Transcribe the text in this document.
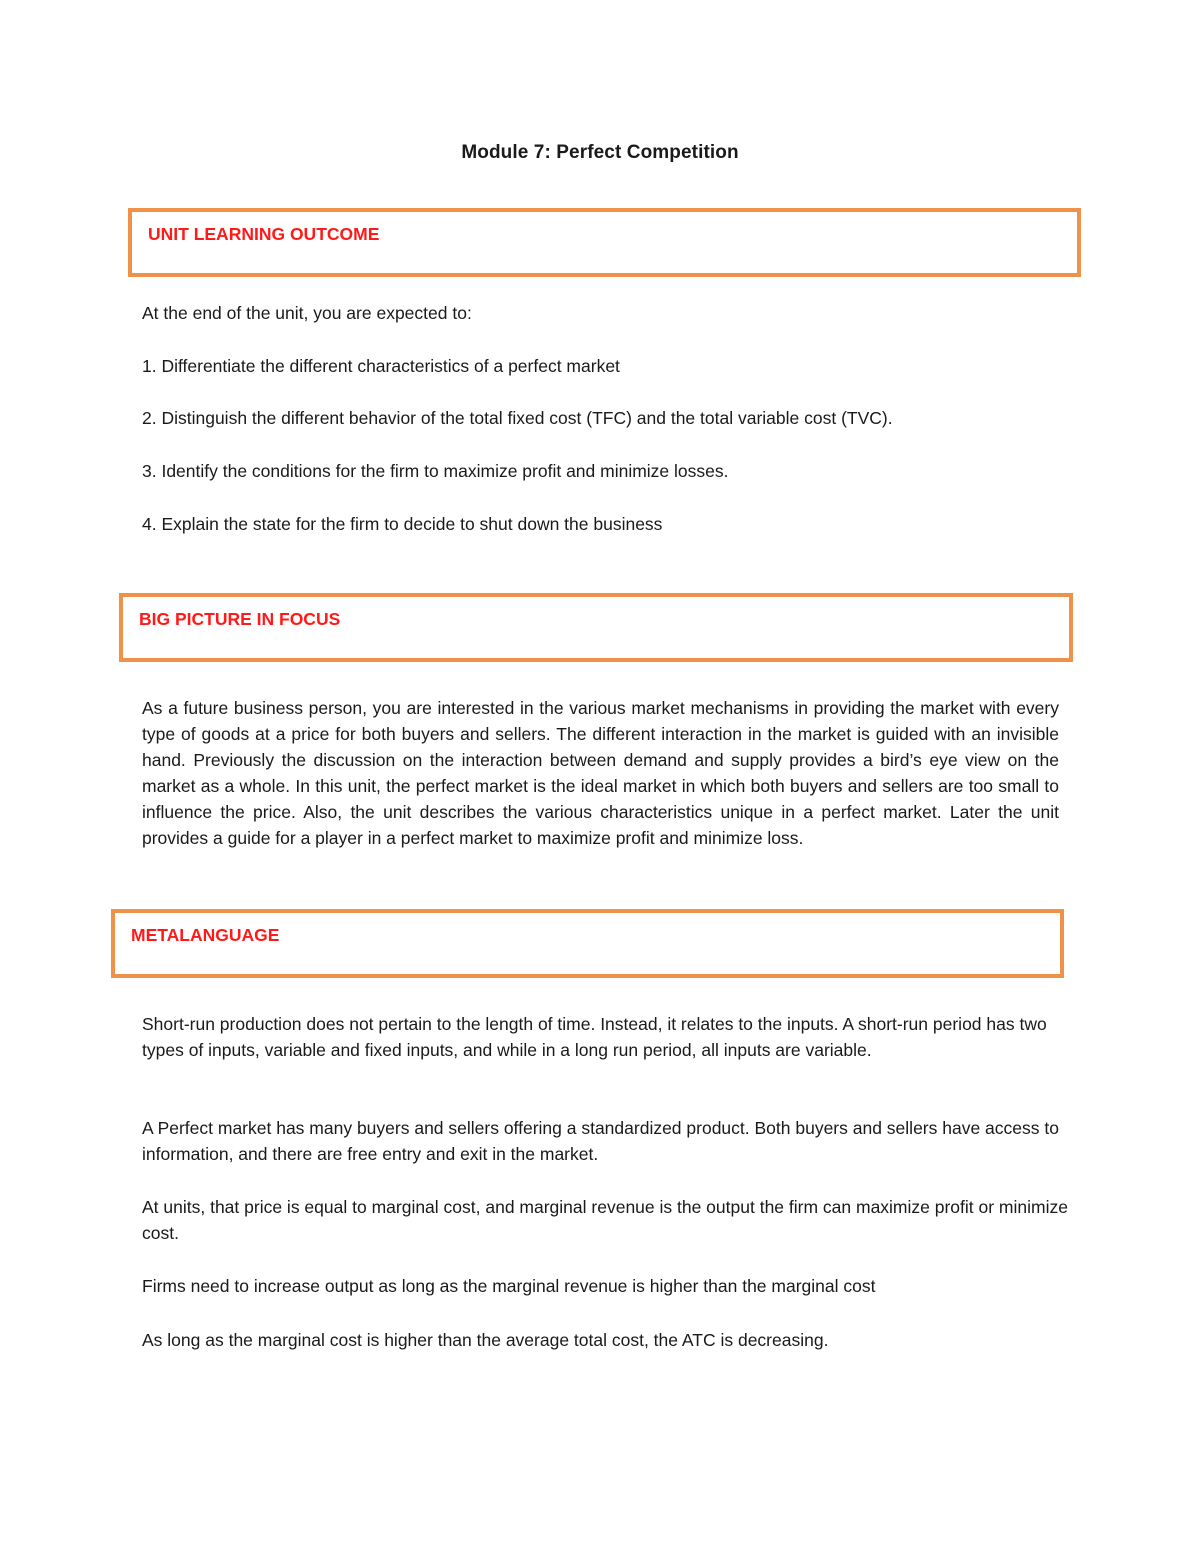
Module 7: Perfect Competition
UNIT LEARNING OUTCOME

At the end of the unit, you are expected to:

1. Differentiate the different characteristics of a perfect market

2. Distinguish the different behavior of the total fixed cost (TFC) and the total variable cost (TVC).

3. Identify the conditions for the firm to maximize profit and minimize losses.

4. Explain the state for the firm to decide to shut down the business

BIG PICTURE IN FOCUS

As a future business person, you are interested in the various market mechanisms in providing the market with every type of goods at a price for both buyers and sellers. The different interaction in the market is guided with an invisible hand. Previously the discussion on the interaction between demand and supply provides a bird’s eye view on the market as a whole. In this unit, the perfect market is the ideal market in which both buyers and sellers are too small to influence the price. Also, the unit describes the various characteristics unique in a perfect market. Later the unit provides a guide for a player in a perfect market to maximize profit and minimize loss.

METALANGUAGE

Short-run production does not pertain to the length of time. Instead, it relates to the inputs. A short-run period has two types of inputs, variable and fixed inputs, and while in a long run period, all inputs are variable.

A Perfect market has many buyers and sellers offering a standardized product. Both buyers and sellers have access to information, and there are free entry and exit in the market.

At units, that price is equal to marginal cost, and marginal revenue is the output the firm can maximize profit or minimize cost.

Firms need to increase output as long as the marginal revenue is higher than the marginal cost

As long as the marginal cost is higher than the average total cost, the ATC is decreasing.
